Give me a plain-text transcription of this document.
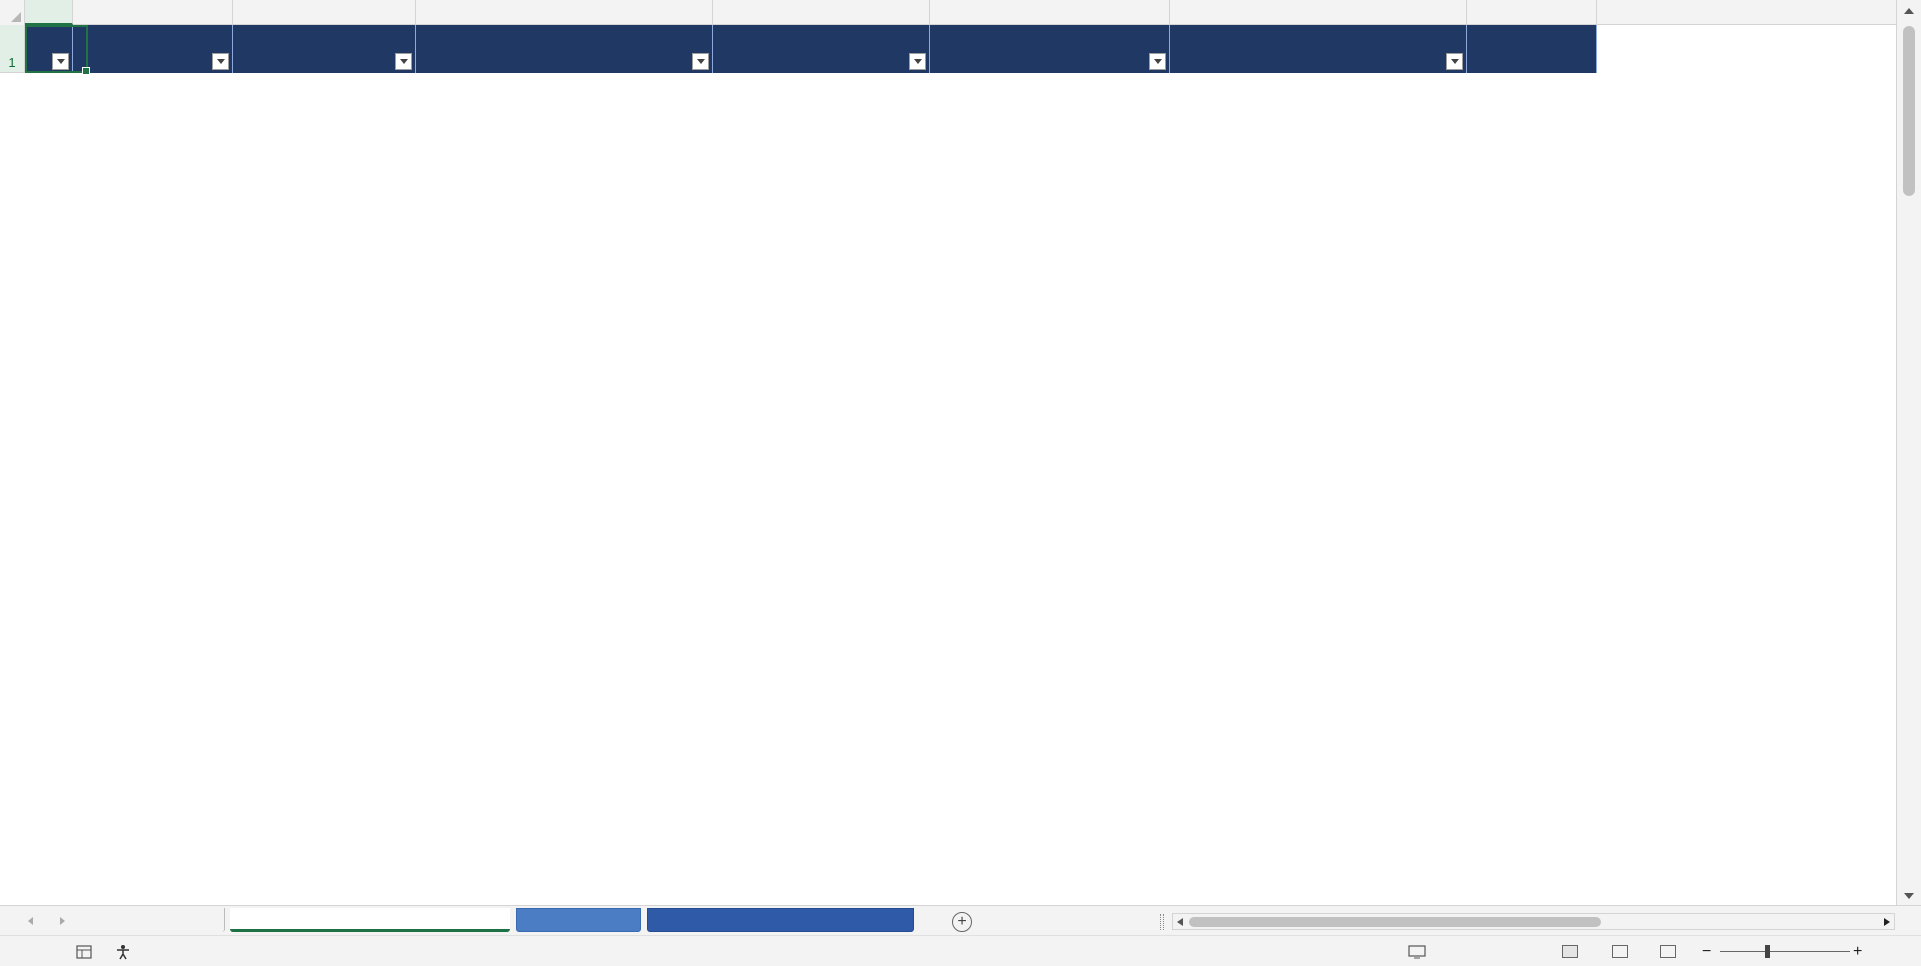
1
+
−	+
